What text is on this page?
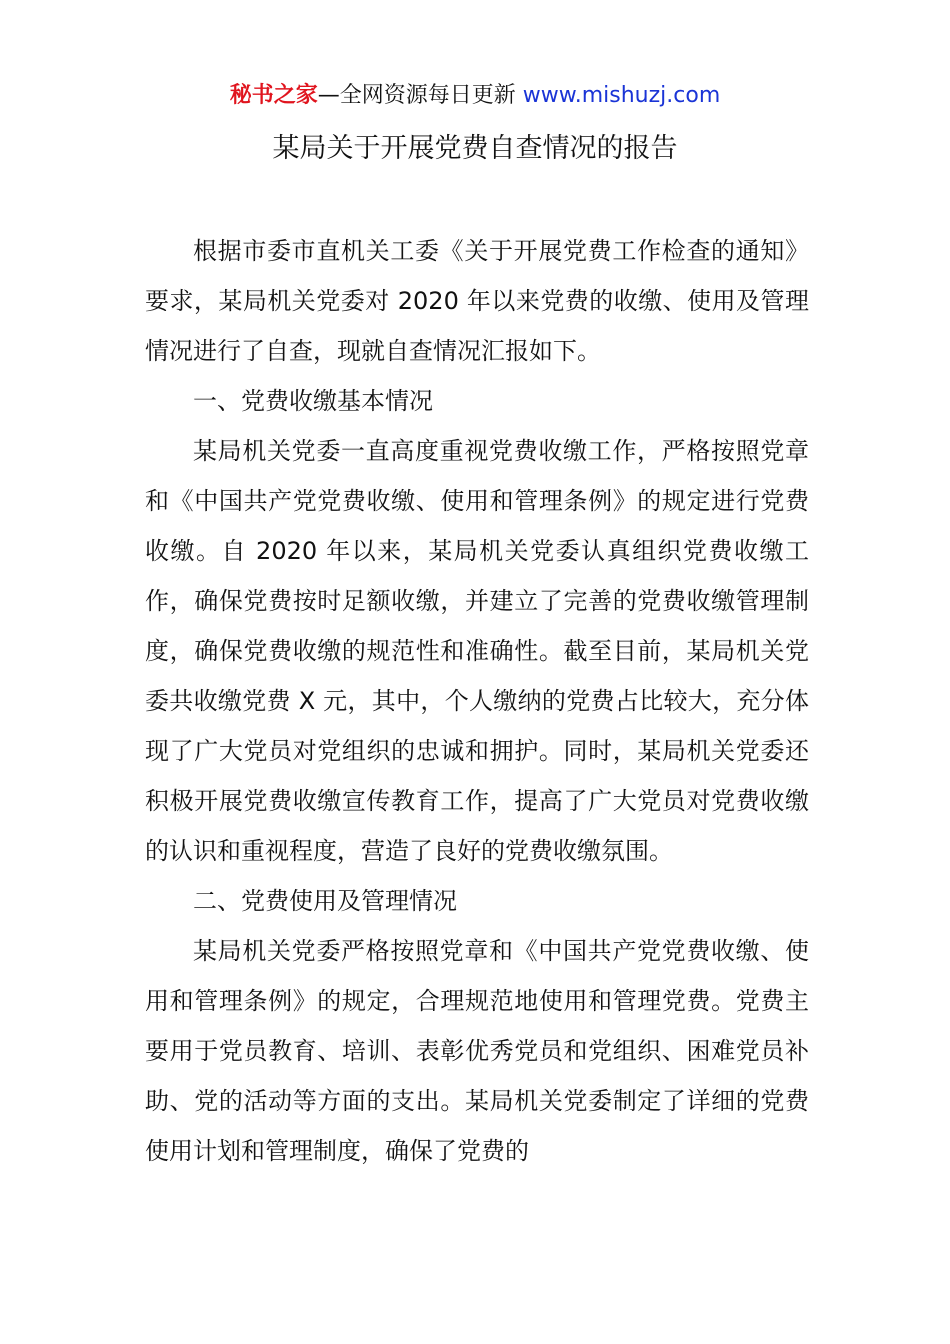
秘书之家—全网资源每日更新 www.mishuzj.com
某局关于开展党费自查情况的报告

根据市委市直机关工委《关于开展党费工作检查的通知》要求，某局机关党委对 2020 年以来党费的收缴、使用及管理情况进行了自查，现就自查情况汇报如下。

一、党费收缴基本情况

某局机关党委一直高度重视党费收缴工作，严格按照党章和《中国共产党党费收缴、使用和管理条例》的规定进行党费收缴。自 2020 年以来，某局机关党委认真组织党费收缴工作，确保党费按时足额收缴，并建立了完善的党费收缴管理制度，确保党费收缴的规范性和准确性。截至目前，某局机关党委共收缴党费 X 元，其中，个人缴纳的党费占比较大，充分体现了广大党员对党组织的忠诚和拥护。同时，某局机关党委还积极开展党费收缴宣传教育工作，提高了广大党员对党费收缴的认识和重视程度，营造了良好的党费收缴氛围。

二、党费使用及管理情况

某局机关党委严格按照党章和《中国共产党党费收缴、使用和管理条例》的规定，合理规范地使用和管理党费。党费主要用于党员教育、培训、表彰优秀党员和党组织、困难党员补助、党的活动等方面的支出。某局机关党委制定了详细的党费使用计划和管理制度，确保了党费的
